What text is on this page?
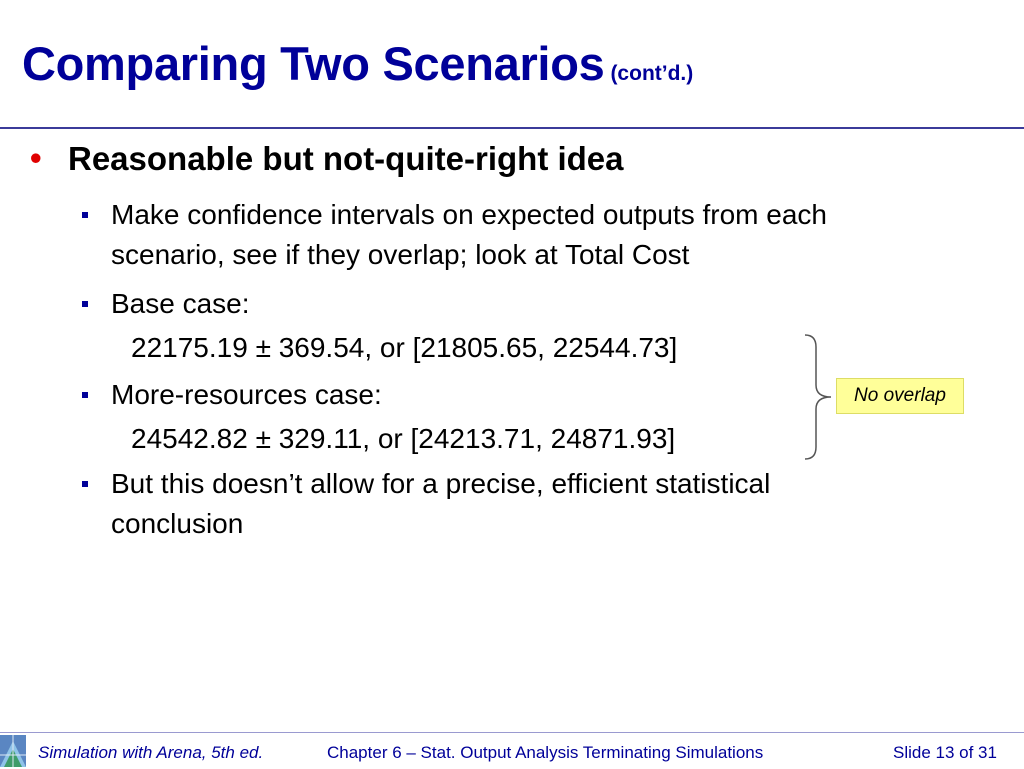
Comparing Two Scenarios (cont’d.)
• Reasonable but not-quite-right idea
Make confidence intervals on expected outputs from each
scenario, see if they overlap; look at Total Cost
Base case:
22175.19 ± 369.54, or [21805.65, 22544.73]
More-resources case:
24542.82 ± 329.11, or [24213.71, 24871.93]
But this doesn’t allow for a precise, efficient statistical
conclusion
No overlap
Simulation with Arena, 5th ed.	Chapter 6 – Stat. Output Analysis Terminating Simulations	Slide 13 of 31
